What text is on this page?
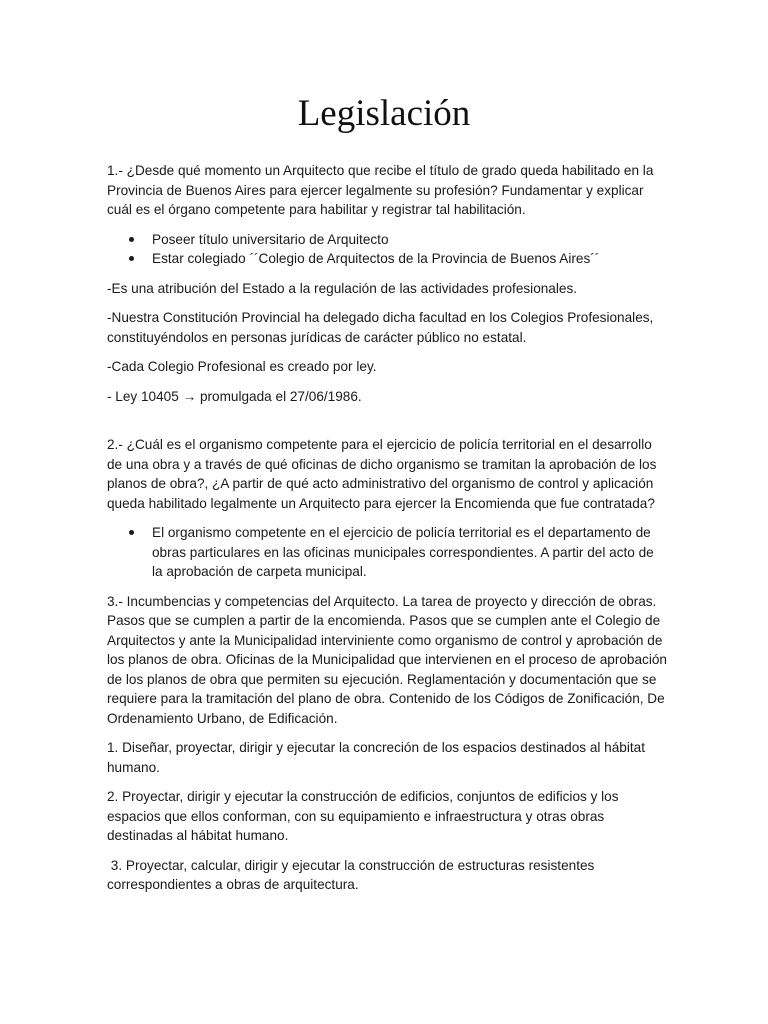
Legislación

1.- ¿Desde qué momento un Arquitecto que recibe el título de grado queda habilitado en la Provincia de Buenos Aires para ejercer legalmente su profesión? Fundamentar y explicar cuál es el órgano competente para habilitar y registrar tal habilitación.

Poseer título universitario de Arquitecto
Estar colegiado ´´Colegio de Arquitectos de la Provincia de Buenos Aires´´

-Es una atribución del Estado a la regulación de las actividades profesionales.

-Nuestra Constitución Provincial ha delegado dicha facultad en los Colegios Profesionales, constituyéndolos en personas jurídicas de carácter público no estatal.

-Cada Colegio Profesional es creado por ley.

- Ley 10405 → promulgada el 27/06/1986.

2.- ¿Cuál es el organismo competente para el ejercicio de policía territorial en el desarrollo de una obra y a través de qué oficinas de dicho organismo se tramitan la aprobación de los planos de obra?, ¿A partir de qué acto administrativo del organismo de control y aplicación queda habilitado legalmente un Arquitecto para ejercer la Encomienda que fue contratada?

El organismo competente en el ejercicio de policía territorial es el departamento de obras particulares en las oficinas municipales correspondientes. A partir del acto de la aprobación de carpeta municipal.

3.- Incumbencias y competencias del Arquitecto. La tarea de proyecto y dirección de obras. Pasos que se cumplen a partir de la encomienda. Pasos que se cumplen ante el Colegio de Arquitectos y ante la Municipalidad interviniente como organismo de control y aprobación de los planos de obra. Oficinas de la Municipalidad que intervienen en el proceso de aprobación de los planos de obra que permiten su ejecución. Reglamentación y documentación que se requiere para la tramitación del plano de obra. Contenido de los Códigos de Zonificación, De Ordenamiento Urbano, de Edificación.

1. Diseñar, proyectar, dirigir y ejecutar la concreción de los espacios destinados al hábitat humano.

2. Proyectar, dirigir y ejecutar la construcción de edificios, conjuntos de edificios y los espacios que ellos conforman, con su equipamiento e infraestructura y otras obras destinadas al hábitat humano.

3. Proyectar, calcular, dirigir y ejecutar la construcción de estructuras resistentes correspondientes a obras de arquitectura.
